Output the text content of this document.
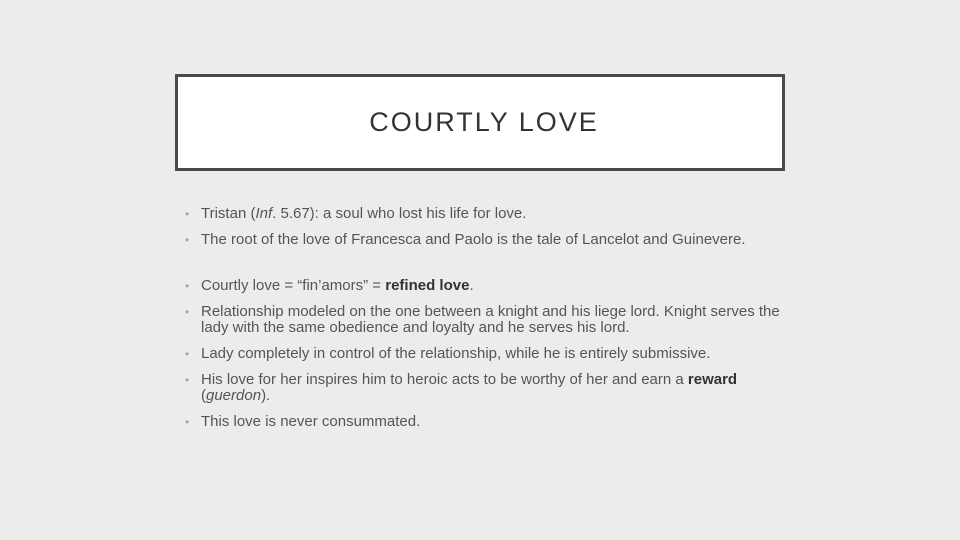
COURTLY LOVE
• Tristan (Inf. 5.67): a soul who lost his life for love.
• The root of the love of Francesca and Paolo is the tale of Lancelot and Guinevere.
• Courtly love = “fin’amors” = refined love.
• Relationship modeled on the one between a knight and his liege lord. Knight serves the lady with the same obedience and loyalty and he serves his lord.
• Lady completely in control of the relationship, while he is entirely submissive.
• His love for her inspires him to heroic acts to be worthy of her and earn a reward (guerdon).
• This love is never consummated.
